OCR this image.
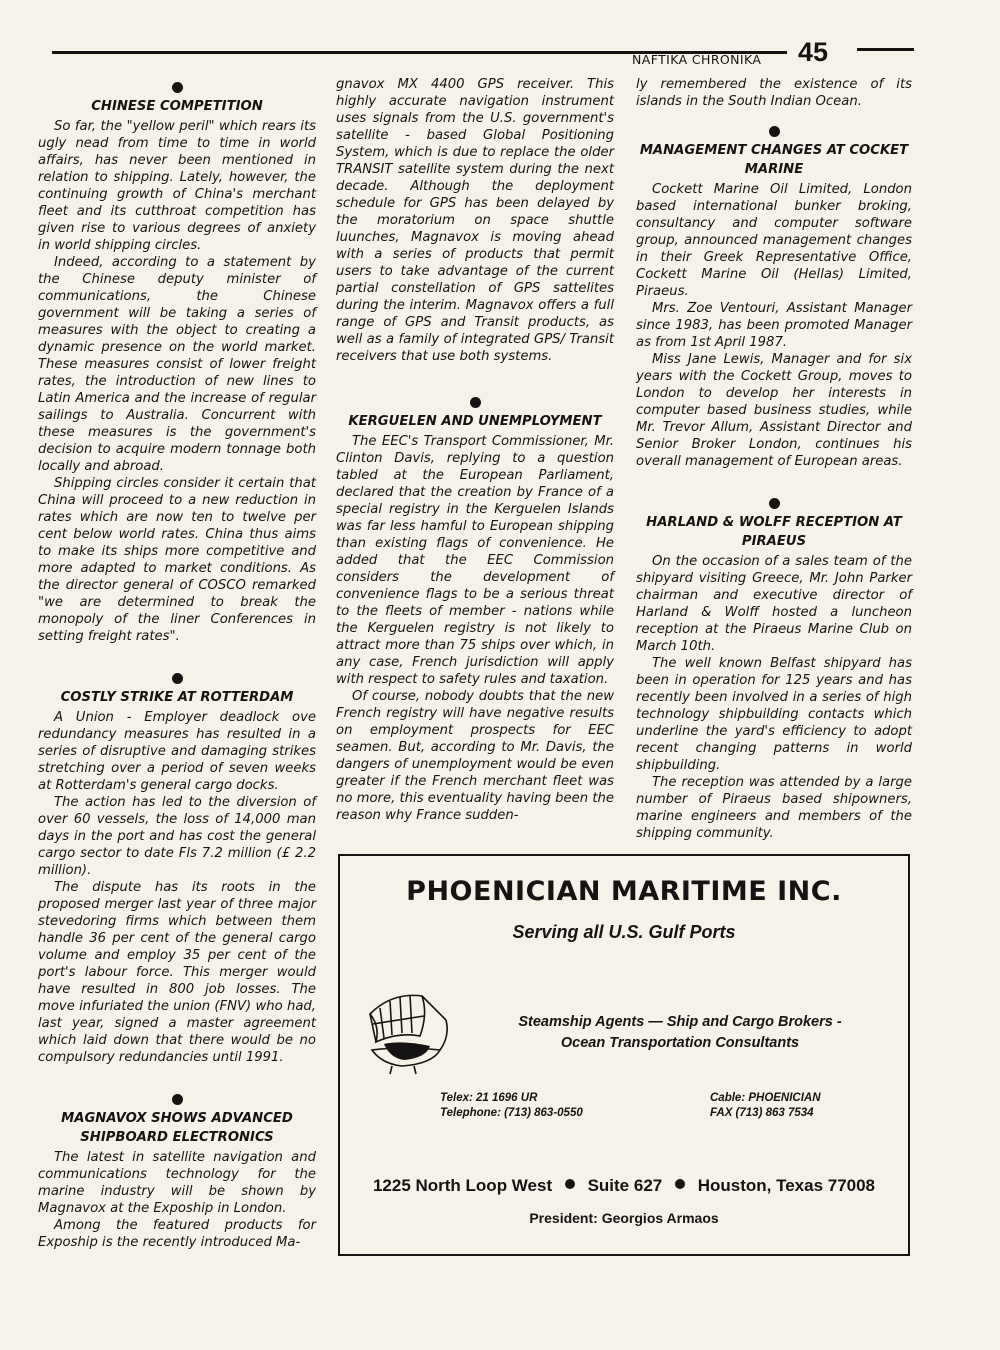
NAFTIKA CHRONIKA 45
CHINESE COMPETITION

So far, the "yellow peril" which rears its ugly nead from time to time in world affairs, has never been mentioned in relation to shipping. Lately, however, the continuing growth of China's merchant fleet and its cutthroat competition has given rise to various degrees of anxiety in world shipping circles.

Indeed, according to a statement by the Chinese deputy minister of communications, the Chinese government will be taking a series of measures with the object to creating a dynamic presence on the world market. These measures consist of lower freight rates, the introduction of new lines to Latin America and the increase of regular sailings to Australia. Concurrent with these measures is the government's decision to acquire modern tonnage both locally and abroad.

Shipping circles consider it certain that China will proceed to a new reduction in rates which are now ten to twelve per cent below world rates. China thus aims to make its ships more competitive and more adapted to market conditions. As the director general of COSCO remarked "we are determined to break the monopoly of the liner Conferences in setting freight rates".

COSTLY STRIKE AT ROTTERDAM

A Union - Employer deadlock ove redundancy measures has resulted in a series of disruptive and damaging strikes stretching over a period of seven weeks at Rotterdam's general cargo docks.

The action has led to the diversion of over 60 vessels, the loss of 14,000 man days in the port and has cost the general cargo sector to date Fls 7.2 million (£ 2.2 million).

The dispute has its roots in the proposed merger last year of three major stevedoring firms which between them handle 36 per cent of the general cargo volume and employ 35 per cent of the port's labour force. This merger would have resulted in 800 job losses. The move infuriated the union (FNV) who had, last year, signed a master agreement which laid down that there would be no compulsory redundancies until 1991.

MAGNAVOX SHOWS ADVANCED SHIPBOARD ELECTRONICS

The latest in satellite navigation and communications technology for the marine industry will be shown by Magnavox at the Expoship in London.

Among the featured products for Expoship is the recently introduced Ma-

gnavox MX 4400 GPS receiver. This highly accurate navigation instrument uses signals from the U.S. government's satellite - based Global Positioning System, which is due to replace the older TRANSIT satellite system during the next decade. Although the deployment schedule for GPS has been delayed by the moratorium on space shuttle luunches, Magnavox is moving ahead with a series of products that permit users to take advantage of the current partial constellation of GPS sattelites during the interim. Magnavox offers a full range of GPS and Transit products, as well as a family of integrated GPS/ Transit receivers that use both systems.

KERGUELEN AND UNEMPLOYMENT

The EEC's Transport Commissioner, Mr. Clinton Davis, replying to a question tabled at the European Parliament, declared that the creation by France of a special registry in the Kerguelen Islands was far less hamful to European shipping than existing flags of convenience. He added that the EEC Commission considers the development of convenience flags to be a serious threat to the fleets of member - nations while the Kerguelen registry is not likely to attract more than 75 ships over which, in any case, French jurisdiction will apply with respect to safety rules and taxation.

Of course, nobody doubts that the new French registry will have negative results on employment prospects for EEC seamen. But, according to Mr. Davis, the dangers of unemployment would be even greater if the French merchant fleet was no more, this eventuality having been the reason why France sudden-

ly remembered the existence of its islands in the South Indian Ocean.

MANAGEMENT CHANGES AT COCKET MARINE

Cockett Marine Oil Limited, London based international bunker broking, consultancy and computer software group, announced management changes in their Greek Representative Office, Cockett Marine Oil (Hellas) Limited, Piraeus.

Mrs. Zoe Ventouri, Assistant Manager since 1983, has been promoted Manager as from 1st April 1987.

Miss Jane Lewis, Manager and for six years with the Cockett Group, moves to London to develop her interests in computer based business studies, while Mr. Trevor Allum, Assistant Director and Senior Broker London, continues his overall management of European areas.

HARLAND & WOLFF RECEPTION AT PIRAEUS

On the occasion of a sales team of the shipyard visiting Greece, Mr. John Parker chairman and executive director of Harland & Wolff hosted a luncheon reception at the Piraeus Marine Club on March 10th.

The well known Belfast shipyard has been in operation for 125 years and has recently been involved in a series of high technology shipbuilding contacts which underline the yard's efficiency to adopt recent changing patterns in world shipbuilding.

The reception was attended by a large number of Piraeus based shipowners, marine engineers and members of the shipping community.

PHOENICIAN MARITIME INC.
Serving all U.S. Gulf Ports
Steamship Agents — Ship and Cargo Brokers -
Ocean Transportation Consultants
Telex: 21 1696 UR
Telephone: (713) 863-0550
Cable: PHOENICIAN
FAX (713) 863 7534
1225 North Loop West Suite 627 Houston, Texas 77008
President: Georgios Armaos
